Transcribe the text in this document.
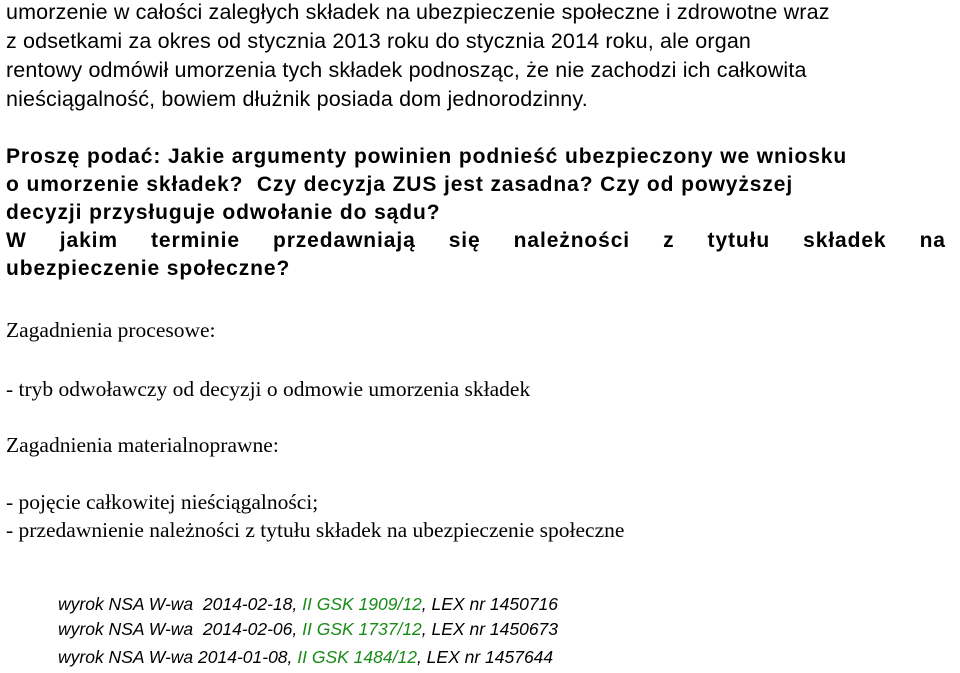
umorzenie w całości zaległych składek na ubezpieczenie społeczne i zdrowotne wraz
z odsetkami za okres od stycznia 2013 roku do stycznia 2014 roku, ale organ
rentowy odmówił umorzenia tych składek podnosząc, że nie zachodzi ich całkowita
nieściągalność, bowiem dłużnik posiada dom jednorodzinny.
Proszę podać: Jakie argumenty powinien podnieść ubezpieczony we wniosku
o umorzenie składek?  Czy decyzja ZUS jest zasadna? Czy od powyższej
decyzji przysługuje odwołanie do sądu?
W jakim terminie przedawniają się należności z tytułu składek na
ubezpieczenie społeczne?
Zagadnienia procesowe:
- tryb odwoławczy od decyzji o odmowie umorzenia składek
Zagadnienia materialnoprawne:
- pojęcie całkowitej nieściągalności;
- przedawnienie należności z tytułu składek na ubezpieczenie społeczne
wyrok NSA W-wa  2014-02-18, II GSK 1909/12, LEX nr 1450716
wyrok NSA W-wa  2014-02-06, II GSK 1737/12, LEX nr 1450673
wyrok NSA W-wa 2014-01-08, II GSK 1484/12, LEX nr 1457644
